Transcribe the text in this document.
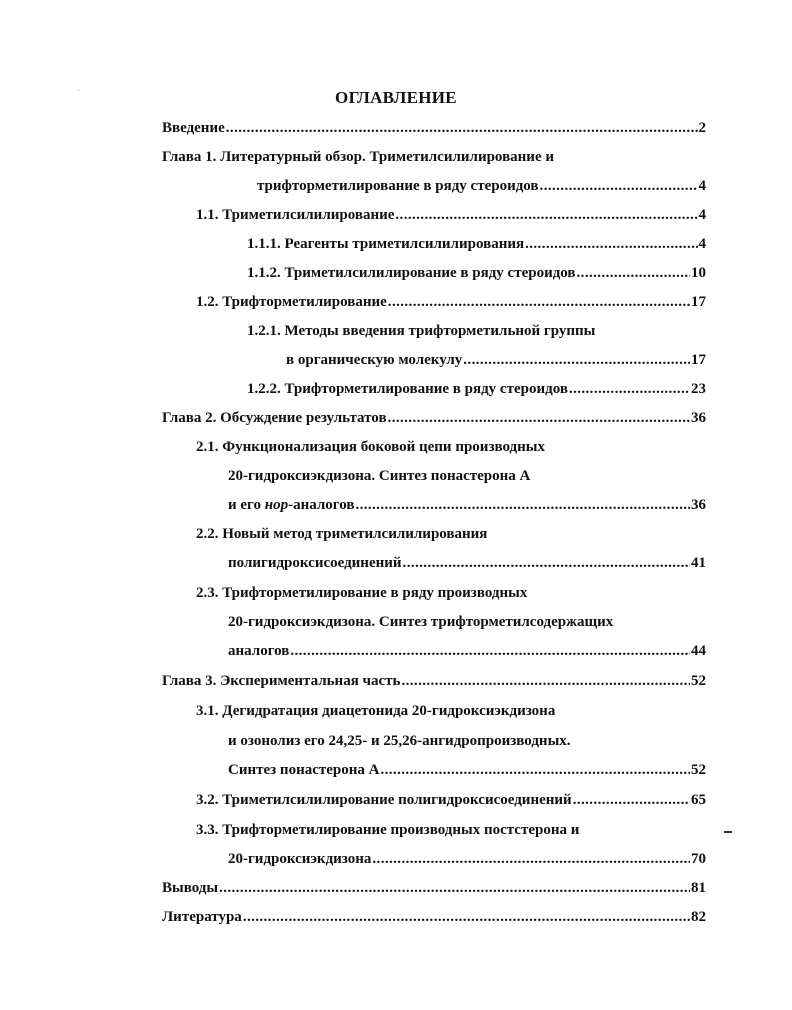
ОГЛАВЛЕНИЕ
Введение .....	2
Глава 1. Литературный обзор. Триметилсилилирование и
трифторметилирование в ряду стероидов .....	4
1.1. Триметилсилилирование .....	4
1.1.1. Реагенты триметилсилилирования .....	4
1.1.2. Триметилсилилирование в ряду стероидов .....	10
1.2. Трифторметилирование .....	17
1.2.1. Методы введения трифторметильной группы
в органическую молекулу .....	17
1.2.2. Трифторметилирование в ряду стероидов .....	23
Глава 2. Обсуждение результатов .....	36
2.1. Функционализация боковой цепи производных
20-гидроксиэкдизона. Синтез понастерона А
и его нор-аналогов .....	36
2.2. Новый метод триметилсилилирования
полигидроксисоединений .....	41
2.3. Трифторметилирование в ряду производных
20-гидроксиэкдизона. Синтез трифторметилсодержащих
аналогов .....	44
Глава 3. Экспериментальная часть .....	52
3.1. Дегидратация диацетонида 20-гидроксиэкдизона
и озонолиз его 24,25- и 25,26-ангидропроизводных.
Синтез понастерона А .....	52
3.2. Триметилсилилирование полигидроксисоединений .....	65
3.3. Трифторметилирование производных постстерона и
20-гидроксиэкдизона .....	70
Выводы .....	81
Литература .....	82
